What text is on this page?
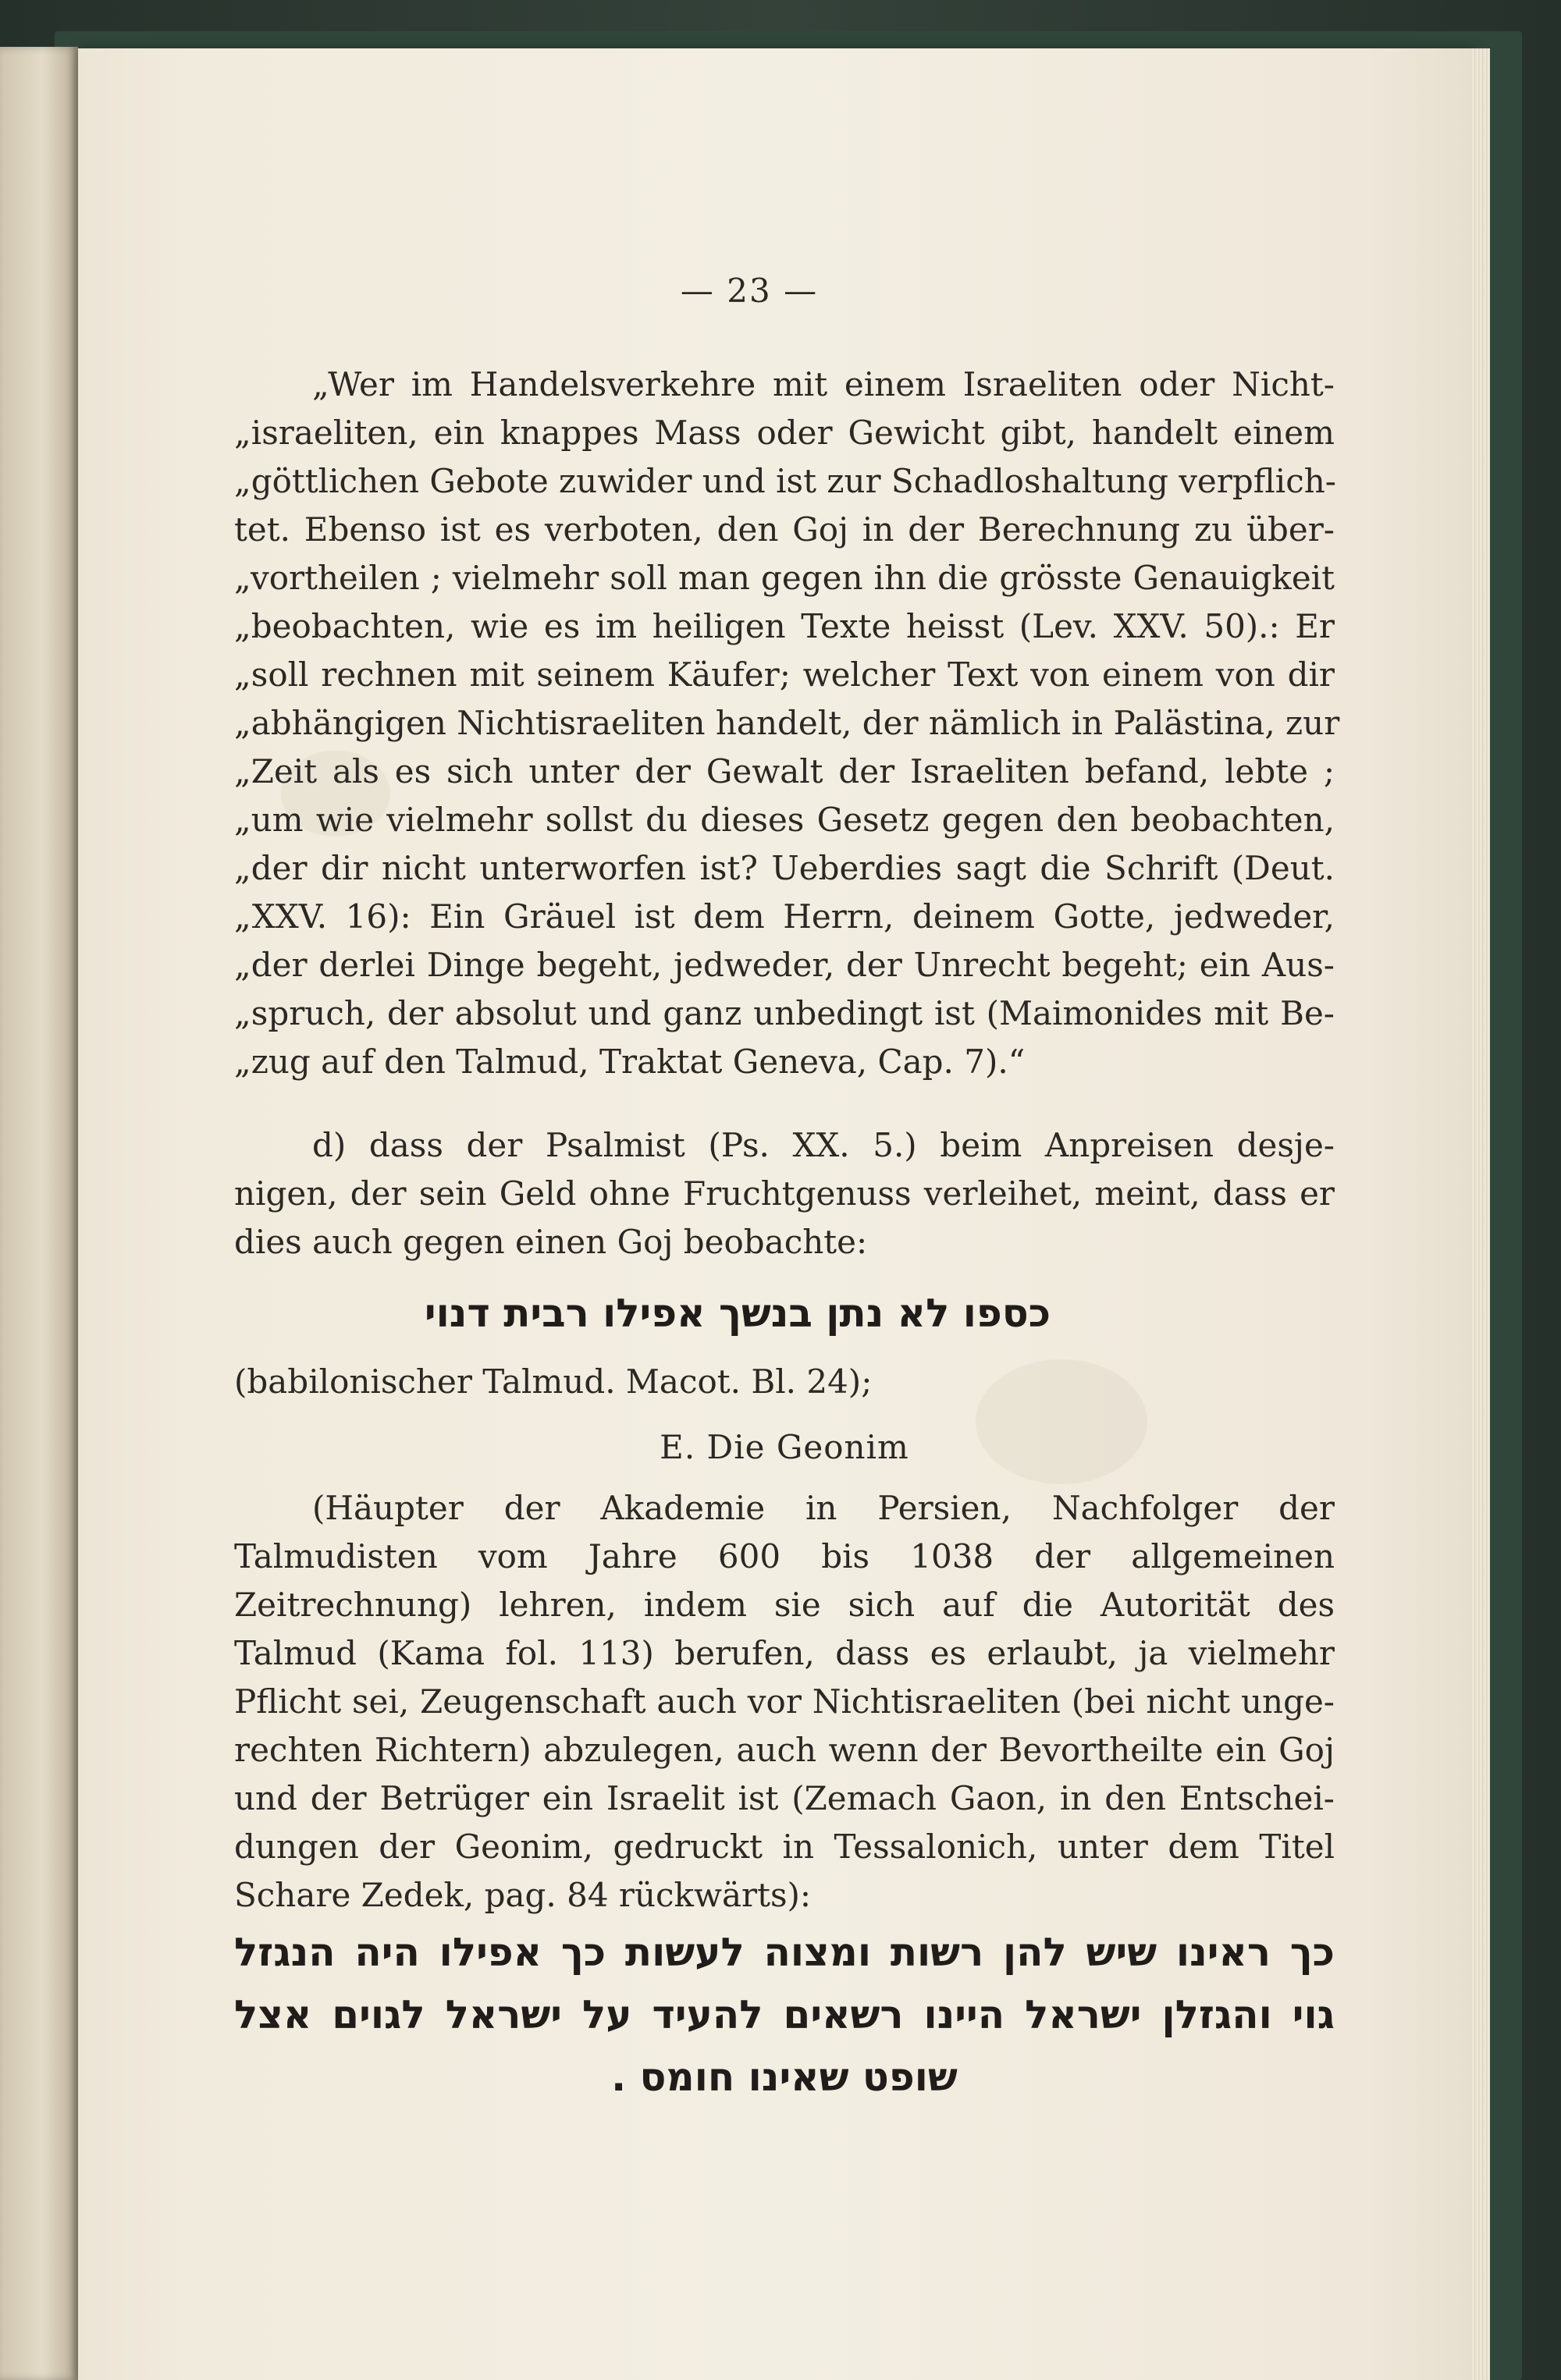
— 23 —
„Wer im Handelsverkehre mit einem Israeliten oder Nicht-
„israeliten, ein knappes Mass oder Gewicht gibt, handelt einem
„göttlichen Gebote zuwider und ist zur Schadloshaltung verpflich-
tet. Ebenso ist es verboten, den Goj in der Berechnung zu über-
„vortheilen ; vielmehr soll man gegen ihn die grösste Genauigkeit
„beobachten, wie es im heiligen Texte heisst (Lev. XXV. 50).: Er
„soll rechnen mit seinem Käufer; welcher Text von einem von dir
„abhängigen Nichtisraeliten handelt, der nämlich in Palästina, zur
„Zeit als es sich unter der Gewalt der Israeliten befand, lebte ;
„um wie vielmehr sollst du dieses Gesetz gegen den beobachten,
„der dir nicht unterworfen ist? Ueberdies sagt die Schrift (Deut.
„XXV. 16): Ein Gräuel ist dem Herrn, deinem Gotte, jedweder,
„der derlei Dinge begeht, jedweder, der Unrecht begeht; ein Aus-
„spruch, der absolut und ganz unbedingt ist (Maimonides mit Be-
„zug auf den Talmud, Traktat Geneva, Cap. 7).“
d) dass der Psalmist (Ps. XX. 5.) beim Anpreisen desje-
nigen, der sein Geld ohne Fruchtgenuss verleihet, meint, dass er
dies auch gegen einen Goj beobachte:
כספו לא נתן בנשך אפילו רבית דנוי
(babilonischer Talmud. Macot. Bl. 24);
E. Die Geonim
(Häupter der Akademie in Persien, Nachfolger der
Talmudisten vom Jahre 600 bis 1038 der allgemeinen
Zeitrechnung) lehren, indem sie sich auf die Autorität des
Talmud (Kama fol. 113) berufen, dass es erlaubt, ja vielmehr
Pflicht sei, Zeugenschaft auch vor Nichtisraeliten (bei nicht unge-
rechten Richtern) abzulegen, auch wenn der Bevortheilte ein Goj
und der Betrüger ein Israelit ist (Zemach Gaon, in den Entschei-
dungen der Geonim, gedruckt in Tessalonich, unter dem Titel
Schare Zedek, pag. 84 rückwärts):
כך ראינו שיש להן רשות ומצוה לעשות כך אפילו היה הנגזל
גוי והגזלן ישראל היינו רשאים להעיד על ישראל לגוים אצל
שופט שאינו חומס .
